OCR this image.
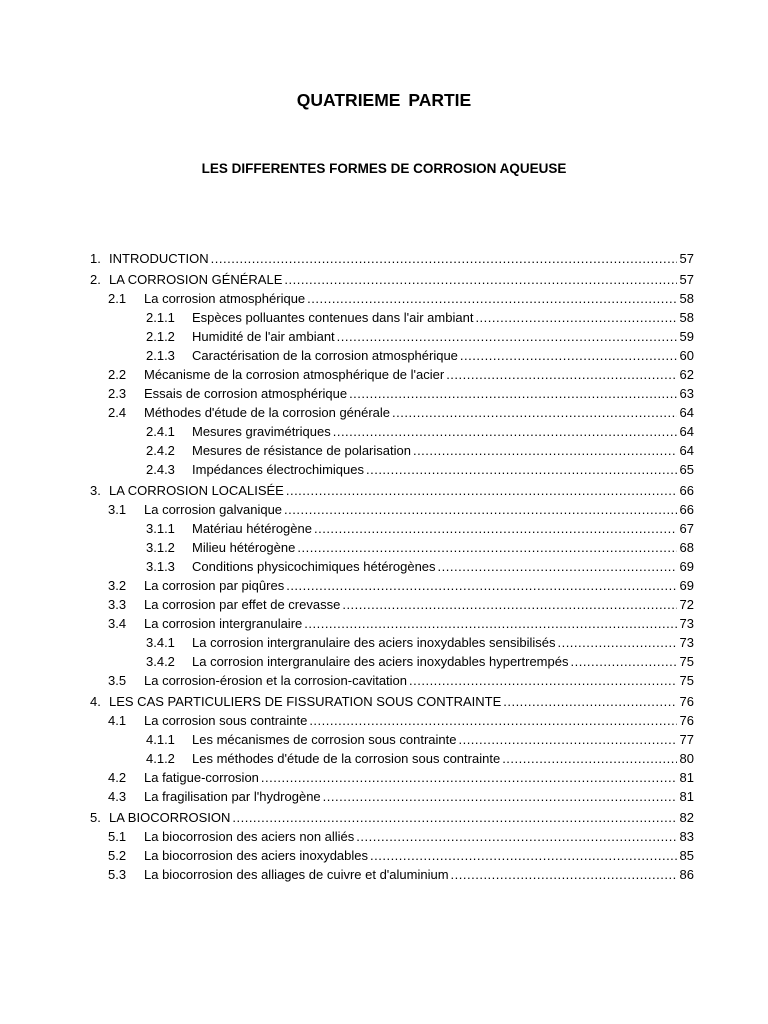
QUATRIEME PARTIE
LES DIFFERENTES FORMES DE CORROSION AQUEUSE
1. INTRODUCTION .....	57
2. LA CORROSION GÉNÉRALE .....	57
2.1	La corrosion atmosphérique .....	58
2.1.1	Espèces polluantes contenues dans l'air ambiant .....	58
2.1.2	Humidité de l'air ambiant .....	59
2.1.3	Caractérisation de la corrosion atmosphérique .....	60
2.2	Mécanisme de la corrosion atmosphérique de l'acier .....	62
2.3	Essais de corrosion atmosphérique .....	63
2.4	Méthodes d'étude de la corrosion générale .....	64
2.4.1	Mesures gravimétriques .....	64
2.4.2	Mesures de résistance de polarisation .....	64
2.4.3	Impédances électrochimiques .....	65
3. LA CORROSION LOCALISÉE .....	66
3.1	La corrosion galvanique .....	66
3.1.1	Matériau hétérogène .....	67
3.1.2	Milieu hétérogène .....	68
3.1.3	Conditions physicochimiques hétérogènes .....	69
3.2	La corrosion par piqûres .....	69
3.3	La corrosion par effet de crevasse .....	72
3.4	La corrosion intergranulaire .....	73
3.4.1	La corrosion intergranulaire des aciers inoxydables sensibilisés .....	73
3.4.2	La corrosion intergranulaire des aciers inoxydables hypertrempés .....	75
3.5	La corrosion-érosion et la corrosion-cavitation .....	75
4. LES CAS PARTICULIERS DE FISSURATION SOUS CONTRAINTE .....	76
4.1	La corrosion sous contrainte .....	76
4.1.1	Les mécanismes de corrosion sous contrainte .....	77
4.1.2	Les méthodes d'étude de la corrosion sous contrainte .....	80
4.2	La fatigue-corrosion .....	81
4.3	La fragilisation par l'hydrogène .....	81
5. LA BIOCORROSION .....	82
5.1	La biocorrosion des aciers non alliés .....	83
5.2	La biocorrosion des aciers inoxydables .....	85
5.3	La biocorrosion des alliages de cuivre et d'aluminium .....	86
